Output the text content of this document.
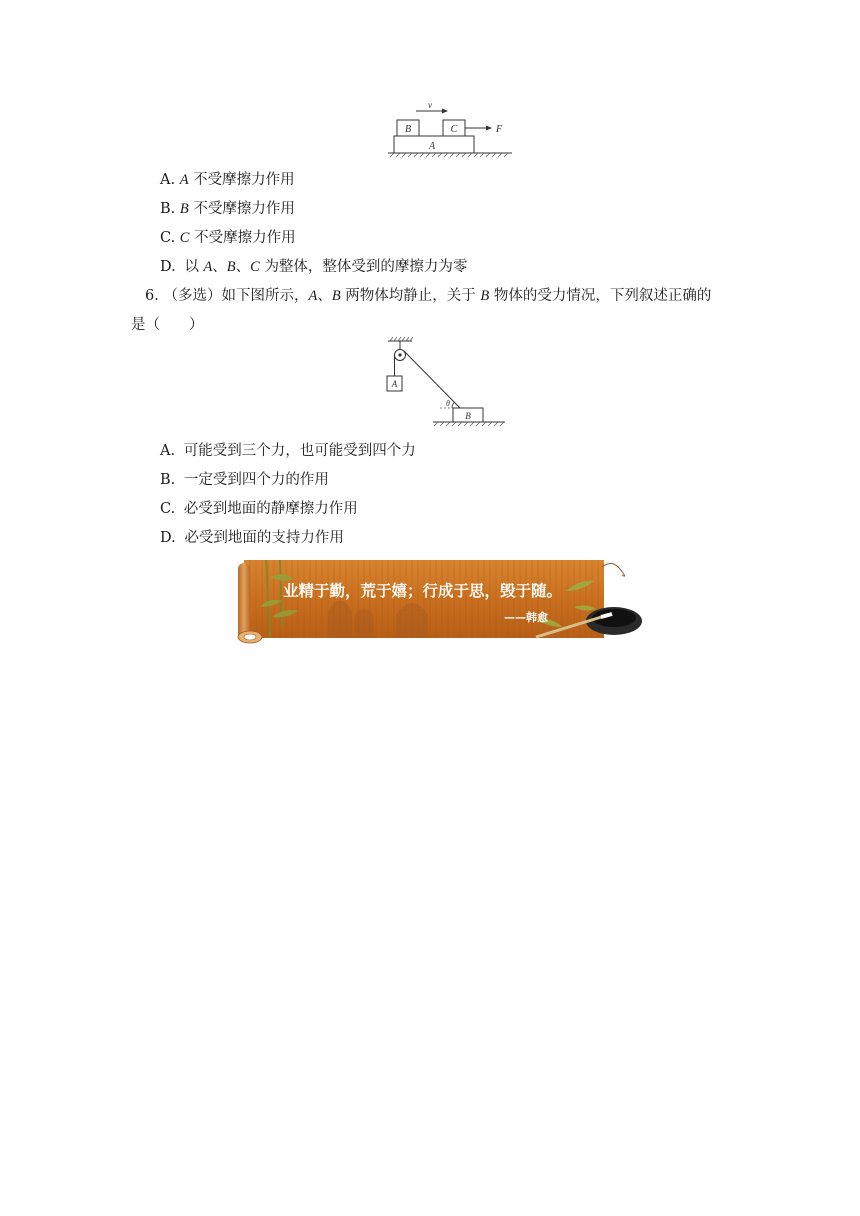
v
B	C	F
A
A. A 不受摩擦力作用
B. B 不受摩擦力作用
C. C 不受摩擦力作用
D. 以 A、B、C 为整体，整体受到的摩擦力为零
6. （多选）如下图所示，A、B 两物体均静止，关于 B 物体的受力情况，下列叙述正确的
是（　　）
A
θ
B
A. 可能受到三个力，也可能受到四个力
B. 一定受到四个力的作用
C. 必受到地面的静摩擦力作用
D. 必受到地面的支持力作用
业精于勤，荒于嬉；行成于思，毁于随。
——韩愈
